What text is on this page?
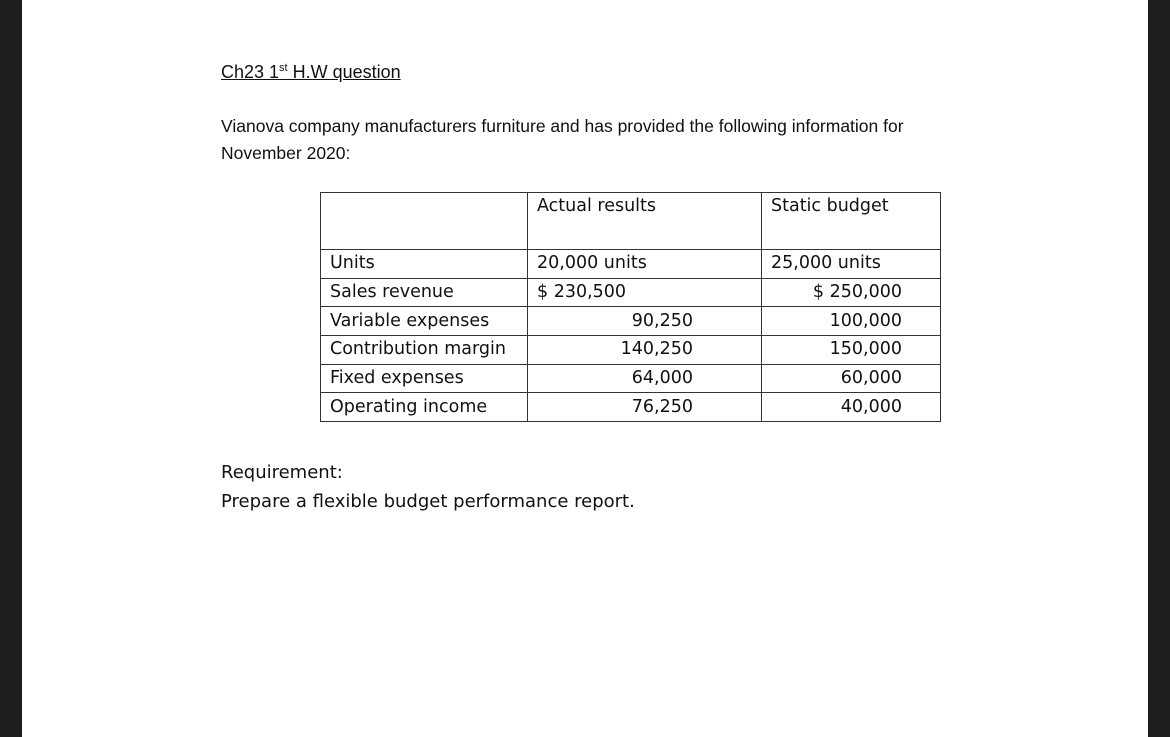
Ch23 1st H.W question
Vianova company manufacturers furniture and has provided the following information for November 2020:
	Actual results	Static budget
Units	20,000 units	25,000 units
Sales revenue	$ 230,500	$ 250,000
Variable expenses	90,250	100,000
Contribution margin	140,250	150,000
Fixed expenses	64,000	60,000
Operating income	76,250	40,000
Requirement:
Prepare a flexible budget performance report.
